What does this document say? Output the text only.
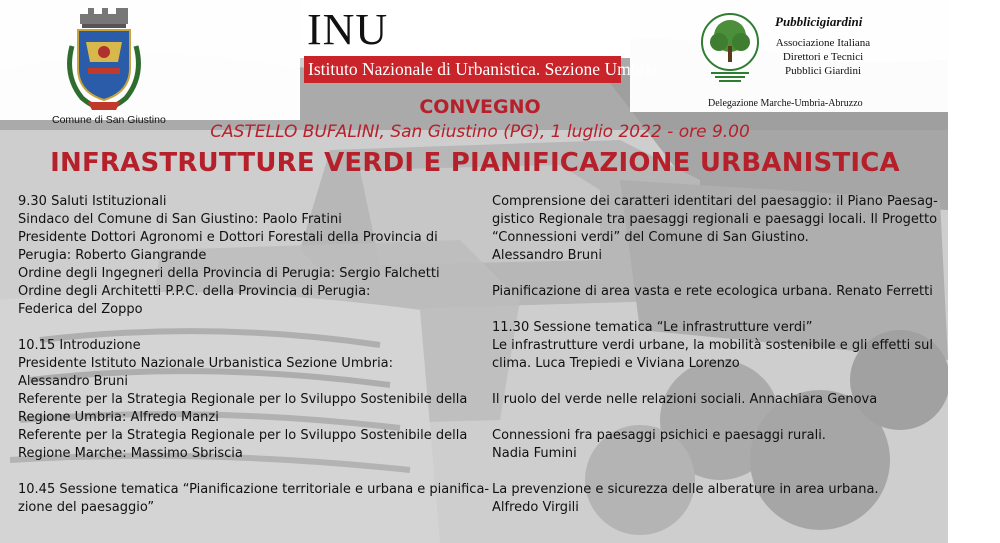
Comune di San Giustino
INU
Istituto Nazionale di Urbanistica. Sezione Umbria
Pubblicigiardini
Associazione Italiana
Direttori e Tecnici
Pubblici Giardini
Delegazione Marche-Umbria-Abruzzo
CONVEGNO
CASTELLO BUFALINI, San Giustino (PG), 1 luglio 2022 - ore 9.00
INFRASTRUTTURE VERDI E PIANIFICAZIONE URBANISTICA
9.30 Saluti Istituzionali
Sindaco del Comune di San Giustino: Paolo Fratini
Presidente Dottori Agronomi e Dottori Forestali della Provincia di
Perugia: Roberto Giangrande
Ordine degli Ingegneri della Provincia di Perugia: Sergio Falchetti
Ordine degli Architetti P.P.C. della Provincia di Perugia:
Federica del Zoppo
10.15 Introduzione
Presidente Istituto Nazionale Urbanistica Sezione Umbria:
Alessandro Bruni
Referente per la Strategia Regionale per lo Sviluppo Sostenibile della
Regione Umbria: Alfredo Manzi
Referente per la Strategia Regionale per lo Sviluppo Sostenibile della
Regione Marche: Massimo Sbriscia
10.45 Sessione tematica “Pianificazione territoriale e urbana e pianifica-
zione del paesaggio”
Comprensione dei caratteri identitari del paesaggio: il Piano Paesag-
gistico Regionale tra paesaggi regionali e paesaggi locali. Il Progetto
“Connessioni verdi” del Comune di San Giustino.
Alessandro Bruni
Pianificazione di area vasta e rete ecologica urbana. Renato Ferretti
11.30 Sessione tematica “Le infrastrutture verdi”
Le infrastrutture verdi urbane, la mobilità sostenibile e gli effetti sul
clima. Luca Trepiedi e Viviana Lorenzo
Il ruolo del verde nelle relazioni sociali. Annachiara Genova
Connessioni fra paesaggi psichici e paesaggi rurali.
Nadia Fumini
La prevenzione e sicurezza delle alberature in area urbana.
Alfredo Virgili
